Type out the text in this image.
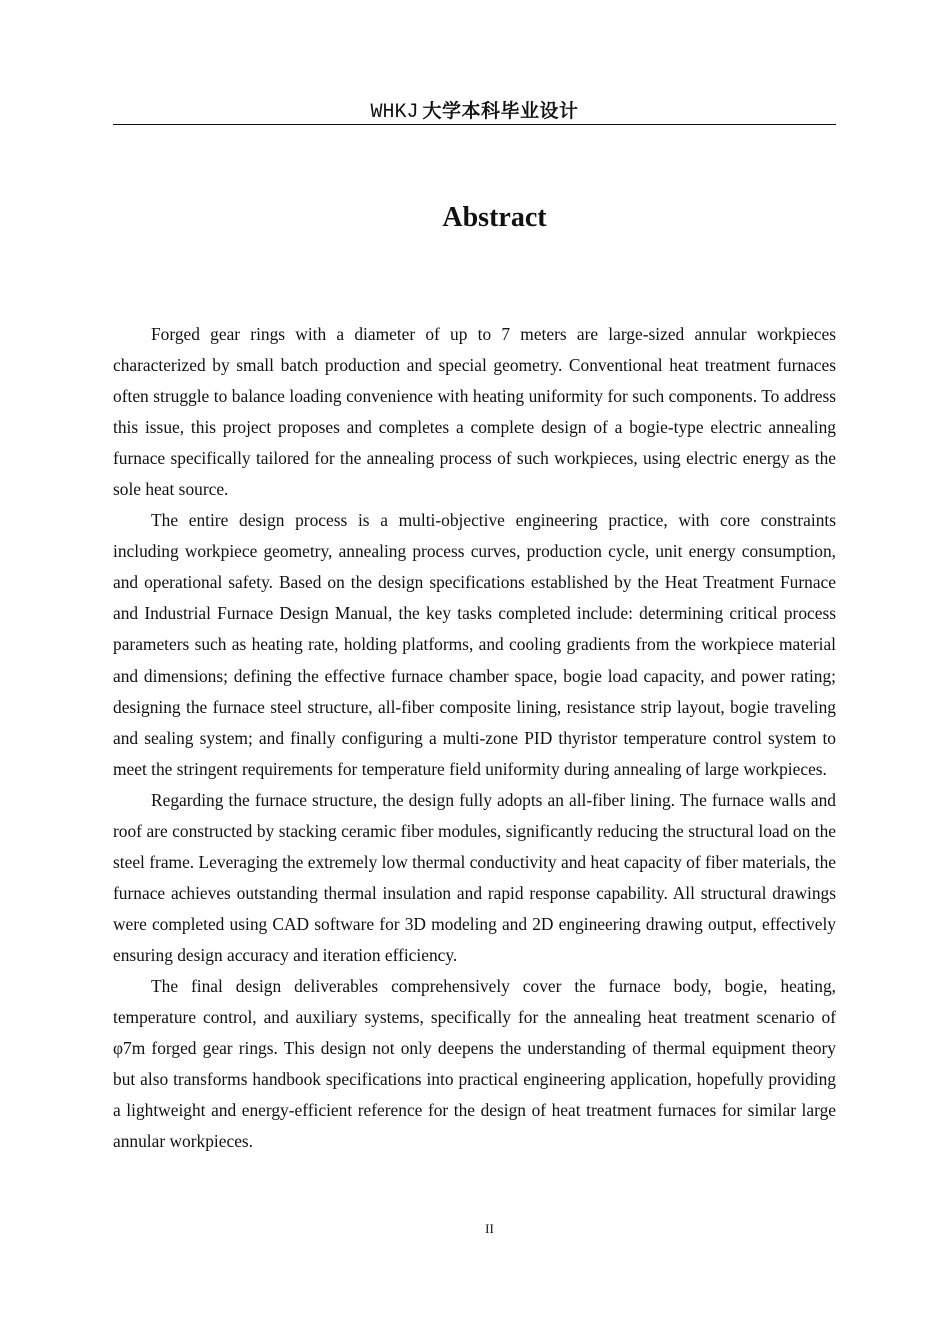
WHKJ 大学本科毕业设计
Abstract

Forged gear rings with a diameter of up to 7 meters are large-sized annular workpieces characterized by small batch production and special geometry. Conventional heat treatment furnaces often struggle to balance loading convenience with heating uniformity for such components. To address this issue, this project proposes and completes a complete design of a bogie-type electric annealing furnace specifically tailored for the annealing process of such workpieces, using electric energy as the sole heat source.

The entire design process is a multi-objective engineering practice, with core constraints including workpiece geometry, annealing process curves, production cycle, unit energy consumption, and operational safety. Based on the design specifications established by the Heat Treatment Furnace and Industrial Furnace Design Manual, the key tasks completed include: determining critical process parameters such as heating rate, holding platforms, and cooling gradients from the workpiece material and dimensions; defining the effective furnace chamber space, bogie load capacity, and power rating; designing the furnace steel structure, all-fiber composite lining, resistance strip layout, bogie traveling and sealing system; and finally configuring a multi-zone PID thyristor temperature control system to meet the stringent requirements for temperature field uniformity during annealing of large workpieces.

Regarding the furnace structure, the design fully adopts an all-fiber lining. The furnace walls and roof are constructed by stacking ceramic fiber modules, significantly reducing the structural load on the steel frame. Leveraging the extremely low thermal conductivity and heat capacity of fiber materials, the furnace achieves outstanding thermal insulation and rapid response capability. All structural drawings were completed using CAD software for 3D modeling and 2D engineering drawing output, effectively ensuring design accuracy and iteration efficiency.

The final design deliverables comprehensively cover the furnace body, bogie, heating, temperature control, and auxiliary systems, specifically for the annealing heat treatment scenario of φ7m forged gear rings. This design not only deepens the understanding of thermal equipment theory but also transforms handbook specifications into practical engineering application, hopefully providing a lightweight and energy-efficient reference for the design of heat treatment furnaces for similar large annular workpieces.

II
